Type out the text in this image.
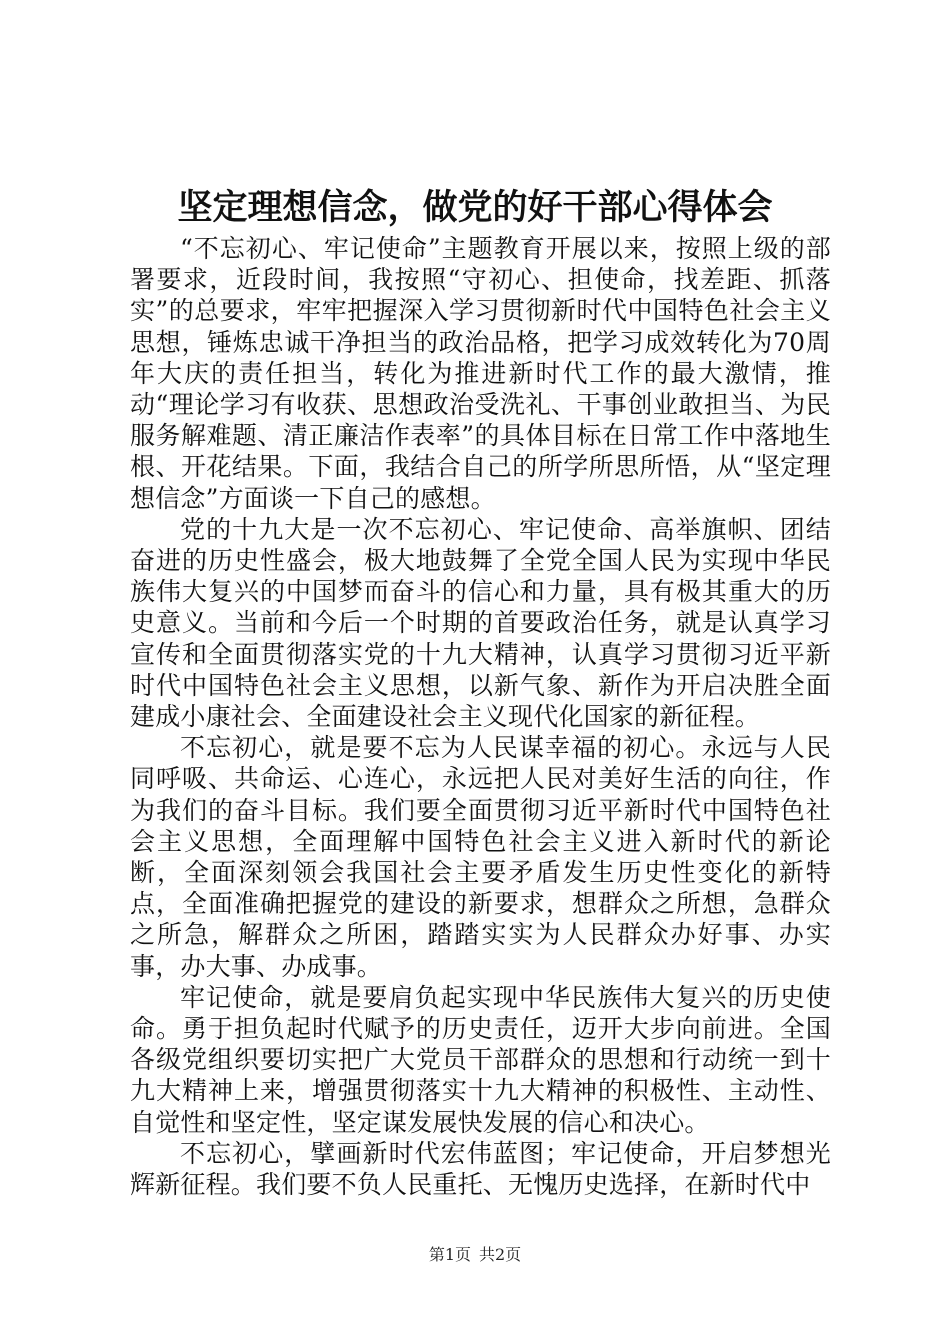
坚定理想信念，做党的好干部心得体会

“不忘初心、牢记使命”主题教育开展以来，按照上级的部署要求，近段时间，我按照“守初心、担使命，找差距、抓落实”的总要求，牢牢把握深入学习贯彻新时代中国特色社会主义思想，锤炼忠诚干净担当的政治品格，把学习成效转化为70周年大庆的责任担当，转化为推进新时代工作的最大激情，推动“理论学习有收获、思想政治受洗礼、干事创业敢担当、为民服务解难题、清正廉洁作表率”的具体目标在日常工作中落地生根、开花结果。下面，我结合自己的所学所思所悟，从“坚定理想信念”方面谈一下自己的感想。

党的十九大是一次不忘初心、牢记使命、高举旗帜、团结奋进的历史性盛会，极大地鼓舞了全党全国人民为实现中华民族伟大复兴的中国梦而奋斗的信心和力量，具有极其重大的历史意义。当前和今后一个时期的首要政治任务，就是认真学习宣传和全面贯彻落实党的十九大精神，认真学习贯彻习近平新时代中国特色社会主义思想，以新气象、新作为开启决胜全面建成小康社会、全面建设社会主义现代化国家的新征程。

不忘初心，就是要不忘为人民谋幸福的初心。永远与人民同呼吸、共命运、心连心，永远把人民对美好生活的向往，作为我们的奋斗目标。我们要全面贯彻习近平新时代中国特色社会主义思想，全面理解中国特色社会主义进入新时代的新论断，全面深刻领会我国社会主要矛盾发生历史性变化的新特点，全面准确把握党的建设的新要求，想群众之所想，急群众之所急，解群众之所困，踏踏实实为人民群众办好事、办实事，办大事、办成事。

牢记使命，就是要肩负起实现中华民族伟大复兴的历史使命。勇于担负起时代赋予的历史责任，迈开大步向前进。全国各级党组织要切实把广大党员干部群众的思想和行动统一到十九大精神上来，增强贯彻落实十九大精神的积极性、主动性、自觉性和坚定性，坚定谋发展快发展的信心和决心。

不忘初心，擘画新时代宏伟蓝图；牢记使命，开启梦想光辉新征程。我们要不负人民重托、无愧历史选择，在新时代中

第1页 共2页
